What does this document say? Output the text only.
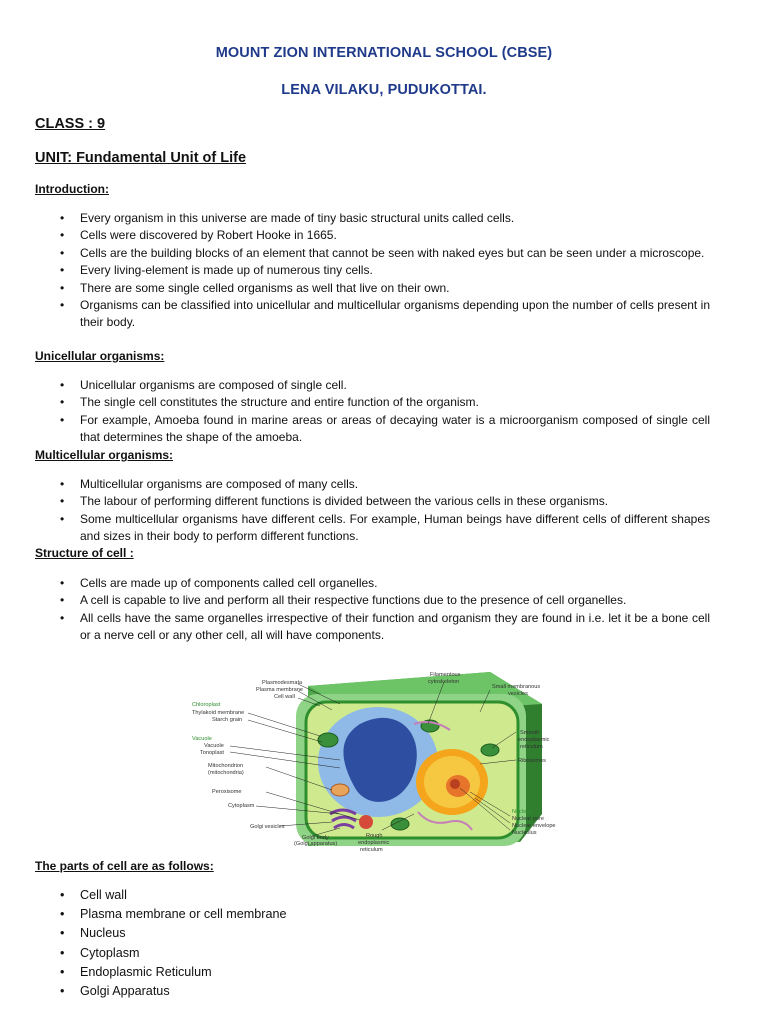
MOUNT ZION INTERNATIONAL SCHOOL (CBSE)
LENA VILAKU, PUDUKOTTAI.
CLASS : 9
UNIT: Fundamental Unit of Life
Introduction:
• Every organism in this universe are made of tiny basic structural units called cells.
• Cells were discovered by Robert Hooke in 1665.
• Cells are the building blocks of an element that cannot be seen with naked eyes but can be seen under a microscope.
• Every living-element is made up of numerous tiny cells.
• There are some single celled organisms as well that live on their own.
• Organisms can be classified into unicellular and multicellular organisms depending upon the number of cells present in their body.
Unicellular organisms:
• Unicellular organisms are composed of single cell.
• The single cell constitutes the structure and entire function of the organism.
• For example, Amoeba found in marine areas or areas of decaying water is a microorganism composed of single cell that determines the shape of the amoeba.
Multicellular organisms:
• Multicellular organisms are composed of many cells.
• The labour of performing different functions is divided between the various cells in these organisms.
• Some multicellular organisms have different cells. For example, Human beings have different cells of different shapes and sizes in their body to perform different functions.
Structure of cell :
• Cells are made up of components called cell organelles.
• A cell is capable to live and perform all their respective functions due to the presence of cell organelles.
• All cells have the same organelles irrespective of their function and organism they are found in i.e. let it be a bone cell or a nerve cell or any other cell, all will have components.
Plasmodesmata
Plasma membrane
Cell wall
Chloroplast
Thylakoid membrane
Starch grain
Vacuole
Vacuole
Tonoplast
Mitochondrion
(mitochondria)
Peroxisome
Cytoplasm
Golgi vesicles
Golgi body
(Golgi apparatus)
Rough
endoplasmic
reticulum
Filamentous
cytoskeleton
Small membranous
vesicles
Smooth
endoplasmic
reticulum
Ribosomes
Nucleus
Nuclear pore
Nuclear envelope
Nucleolus
The parts of cell are as follows:
• Cell wall
• Plasma membrane or cell membrane
• Nucleus
• Cytoplasm
• Endoplasmic Reticulum
• Golgi Apparatus
